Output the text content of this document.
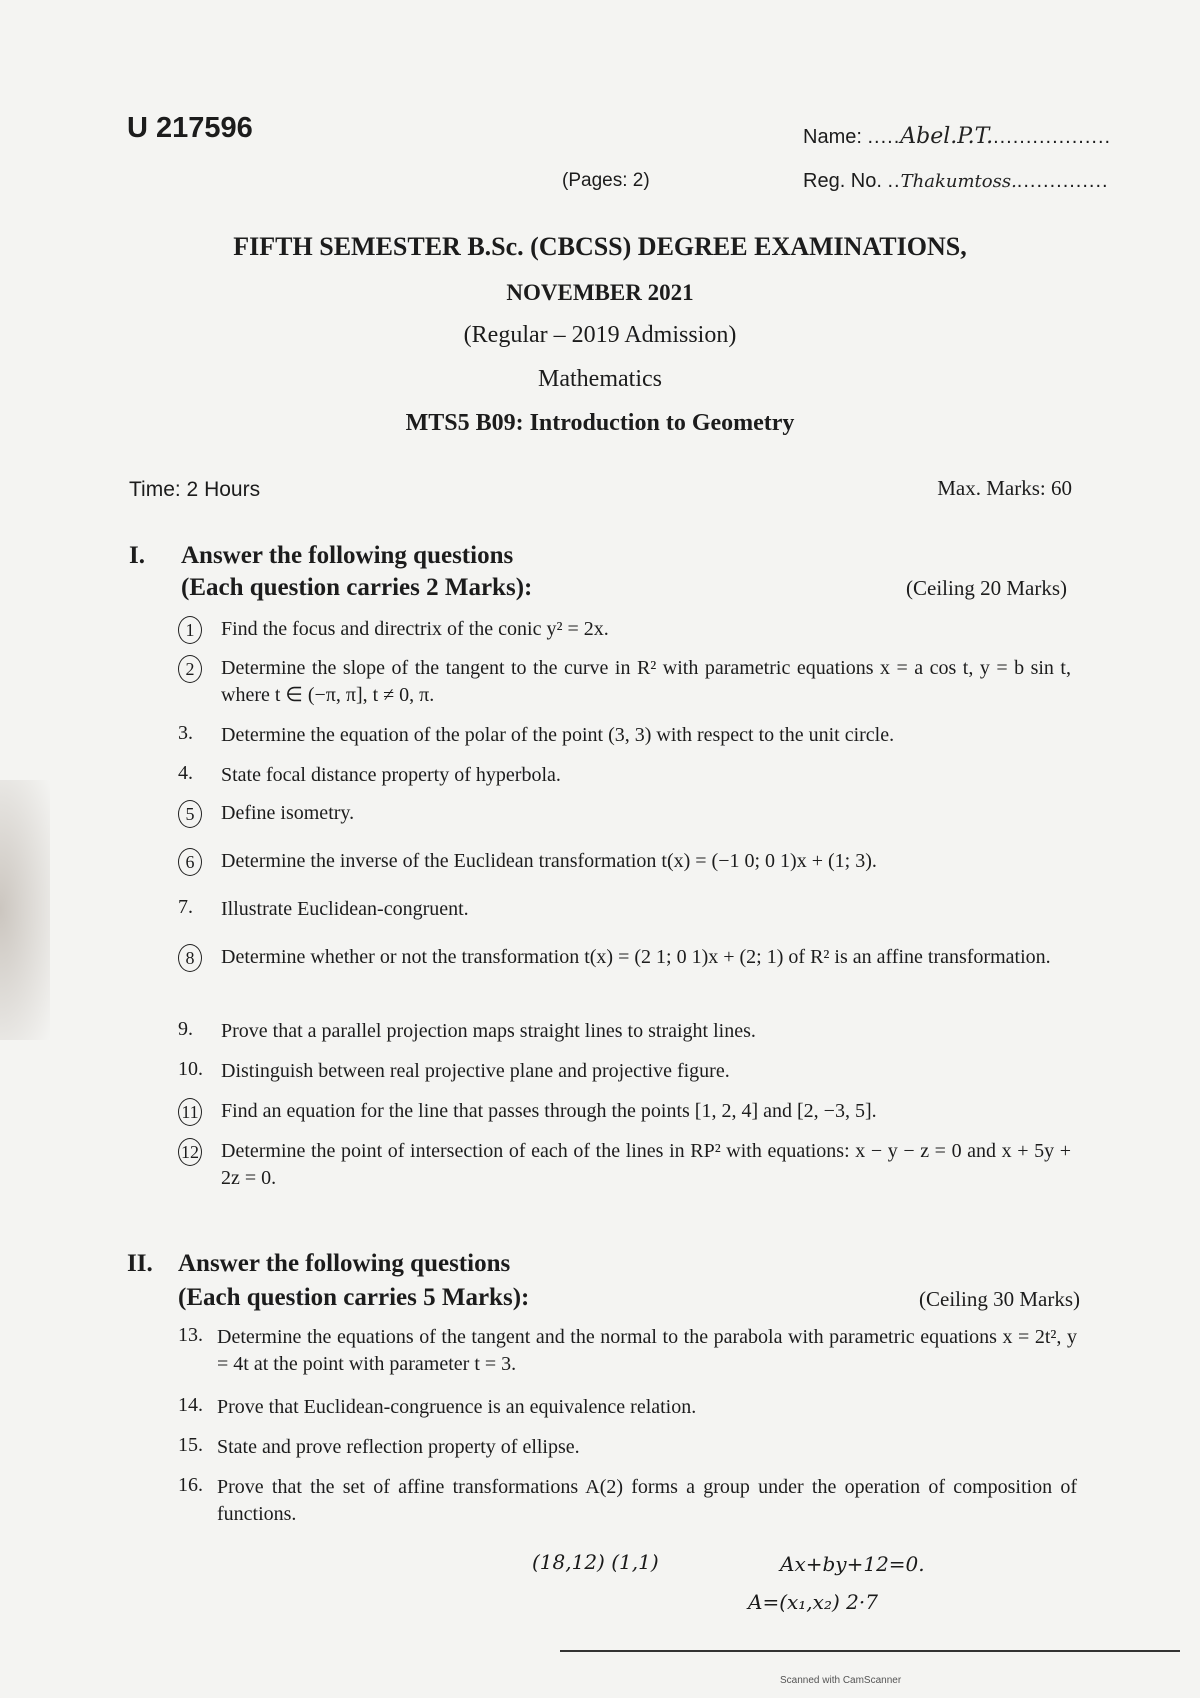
U 217596	Name: .....Abel.P.T...................
(Pages: 2)	Reg. No. ..Thakumtoss...............
FIFTH SEMESTER B.Sc. (CBCSS) DEGREE EXAMINATIONS,
NOVEMBER 2021
(Regular – 2019 Admission)
Mathematics
MTS5 B09: Introduction to Geometry
Time: 2 Hours	Max. Marks: 60
I. Answer the following questions
(Each question carries 2 Marks):	(Ceiling 20 Marks)
1	Find the focus and directrix of the conic y² = 2x.
2	Determine the slope of the tangent to the curve in R² with parametric equations x = a cos t, y = b sin t, where t ∈ (−π, π], t ≠ 0, π.
3.	Determine the equation of the polar of the point (3, 3) with respect to the unit circle.
4.	State focal distance property of hyperbola.
5	Define isometry.
6	Determine the inverse of the Euclidean transformation t(x) = (−1 0; 0 1)x + (1; 3).
7.	Illustrate Euclidean-congruent.
8	Determine whether or not the transformation t(x) = (2 1; 0 1)x + (2; 1) of R² is an affine transformation.
9.	Prove that a parallel projection maps straight lines to straight lines.
10. Distinguish between real projective plane and projective figure.
11	Find an equation for the line that passes through the points [1, 2, 4] and [2, −3, 5].
12	Determine the point of intersection of each of the lines in RP² with equations: x − y − z = 0 and x + 5y + 2z = 0.
II. Answer the following questions
(Each question carries 5 Marks):	(Ceiling 30 Marks)
13. Determine the equations of the tangent and the normal to the parabola with parametric equations x = 2t², y = 4t at the point with parameter t = 3.
14. Prove that Euclidean-congruence is an equivalence relation.
15. State and prove reflection property of ellipse.
16. Prove that the set of affine transformations A(2) forms a group under the operation of composition of functions.
(18,12) (1,1)	Ax+by+12=0.
A=(x₁,x₂) 2·7
Scanned with CamScanner
